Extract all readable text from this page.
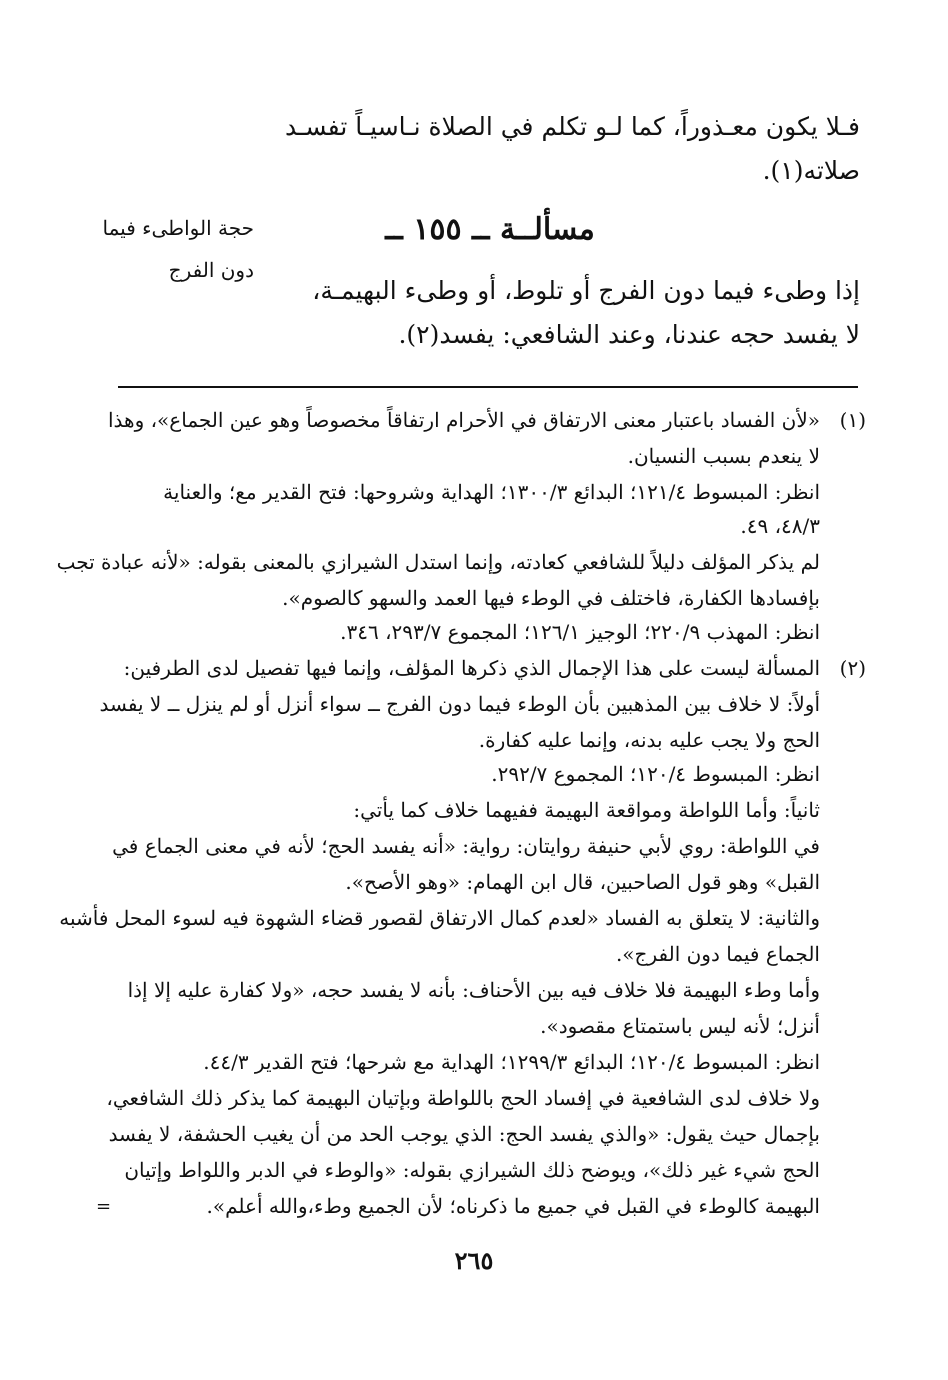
فـلا يكون معـذوراً، كما لـو تكلم في الصلاة نـاسيـاً تفسـد
صلاته(١).
حجة الواطىء فيما
دون الفرج
مسألــة ــ ١٥٥ ــ
إذا وطىء فيما دون الفرج أو تلوط، أو وطىء البهيمـة،
لا يفسد حجه عندنا، وعند الشافعي: يفسد(٢).
(١)
«لأن الفساد باعتبار معنى الارتفاق في الأحرام ارتفاقاً مخصوصاً وهو عين الجماع»، وهذا
لا ينعدم بسبب النسيان.
انظر: المبسوط ١٢١/٤؛ البدائع ١٣٠٠/٣؛ الهداية وشروحها: فتح القدير مع؛ والعناية
٤٨/٣، ٤٩.
لم يذكر المؤلف دليلاً للشافعي كعادته، وإنما استدل الشيرازي بالمعنى بقوله: «لأنه عبادة تجب
بإفسادها الكفارة، فاختلف في الوطء فيها العمد والسهو كالصوم».
انظر: المهذب ٢٢٠/٩؛ الوجيز ١٢٦/١؛ المجموع ٢٩٣/٧، ٣٤٦.
(٢)
المسألة ليست على هذا الإجمال الذي ذكرها المؤلف، وإنما فيها تفصيل لدى الطرفين:
أولاً: لا خلاف بين المذهبين بأن الوطء فيما دون الفرج ــ سواء أنزل أو لم ينزل ــ لا يفسد
الحج ولا يجب عليه بدنه، وإنما عليه كفارة.
انظر: المبسوط ١٢٠/٤؛ المجموع ٢٩٢/٧.
ثانياً: وأما اللواطة ومواقعة البهيمة ففيهما خلاف كما يأتي:
في اللواطة: روي لأبي حنيفة روايتان: رواية: «أنه يفسد الحج؛ لأنه في معنى الجماع في
القبل» وهو قول الصاحبين، قال ابن الهمام: «وهو الأصح».
والثانية: لا يتعلق به الفساد «لعدم كمال الارتفاق لقصور قضاء الشهوة فيه لسوء المحل فأشبه
الجماع فيما دون الفرج».
وأما وطء البهيمة فلا خلاف فيه بين الأحناف: بأنه لا يفسد حجه، «ولا كفارة عليه إلا إذا
أنزل؛ لأنه ليس باستمتاع مقصود».
انظر: المبسوط ١٢٠/٤؛ البدائع ١٢٩٩/٣؛ الهداية مع شرحها؛ فتح القدير ٤٤/٣.
ولا خلاف لدى الشافعية في إفساد الحج باللواطة وبإتيان البهيمة كما يذكر ذلك الشافعي،
بإجمال حيث يقول: «والذي يفسد الحج: الذي يوجب الحد من أن يغيب الحشفة، لا يفسد
الحج شيء غير ذلك»، ويوضح ذلك الشيرازي بقوله: «والوطء في الدبر واللواط وإتيان
البهيمة كالوطء في القبل في جميع ما ذكرناه؛ لأن الجميع وطء،والله أعلم».
=
٢٦٥
